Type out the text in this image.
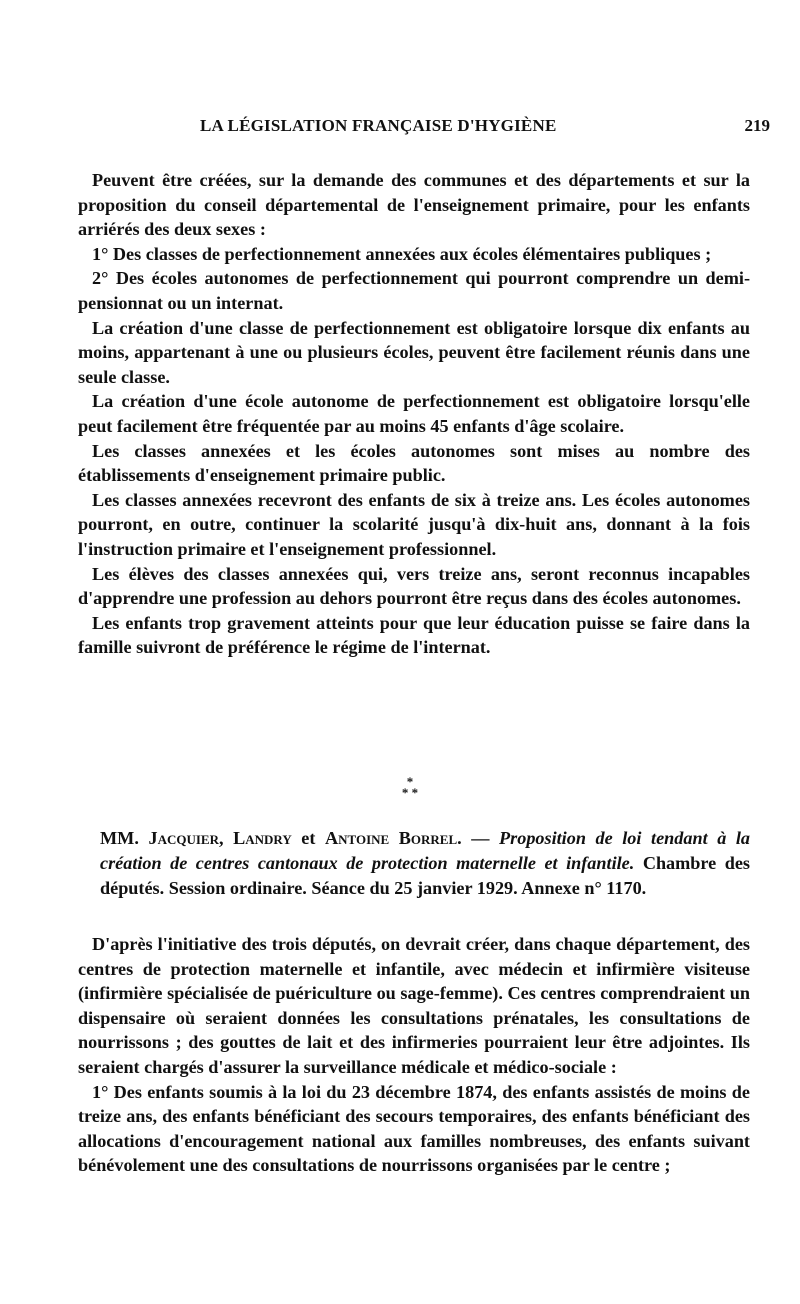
LA LÉGISLATION FRANÇAISE D'HYGIÈNE	219

Peuvent être créées, sur la demande des communes et des départements et sur la proposition du conseil départemental de l'enseignement primaire, pour les enfants arriérés des deux sexes :

1° Des classes de perfectionnement annexées aux écoles élémentaires publiques ;

2° Des écoles autonomes de perfectionnement qui pourront comprendre un demi-pensionnat ou un internat.

La création d'une classe de perfectionnement est obligatoire lorsque dix enfants au moins, appartenant à une ou plusieurs écoles, peuvent être facilement réunis dans une seule classe.

La création d'une école autonome de perfectionnement est obligatoire lorsqu'elle peut facilement être fréquentée par au moins 45 enfants d'âge scolaire.

Les classes annexées et les écoles autonomes sont mises au nombre des établissements d'enseignement primaire public.

Les classes annexées recevront des enfants de six à treize ans. Les écoles autonomes pourront, en outre, continuer la scolarité jusqu'à dix-huit ans, donnant à la fois l'instruction primaire et l'enseignement professionnel.

Les élèves des classes annexées qui, vers treize ans, seront reconnus incapables d'apprendre une profession au dehors pourront être reçus dans des écoles autonomes.

Les enfants trop gravement atteints pour que leur éducation puisse se faire dans la famille suivront de préférence le régime de l'internat.

*
* *
MM. Jacquier, Landry et Antoine Borrel. — Proposition de loi tendant à la création de centres cantonaux de protection maternelle et infantile. Chambre des députés. Session ordinaire. Séance du 25 janvier 1929. Annexe n° 1170.

D'après l'initiative des trois députés, on devrait créer, dans chaque département, des centres de protection maternelle et infantile, avec médecin et infirmière visiteuse (infirmière spécialisée de puériculture ou sage-femme). Ces centres comprendraient un dispensaire où seraient données les consultations prénatales, les consultations de nourrissons ; des gouttes de lait et des infirmeries pourraient leur être adjointes. Ils seraient chargés d'assurer la surveillance médicale et médico-sociale :

1° Des enfants soumis à la loi du 23 décembre 1874, des enfants assistés de moins de treize ans, des enfants bénéficiant des secours temporaires, des enfants bénéficiant des allocations d'encouragement national aux familles nombreuses, des enfants suivant bénévolement une des consultations de nourrissons organisées par le centre ;
